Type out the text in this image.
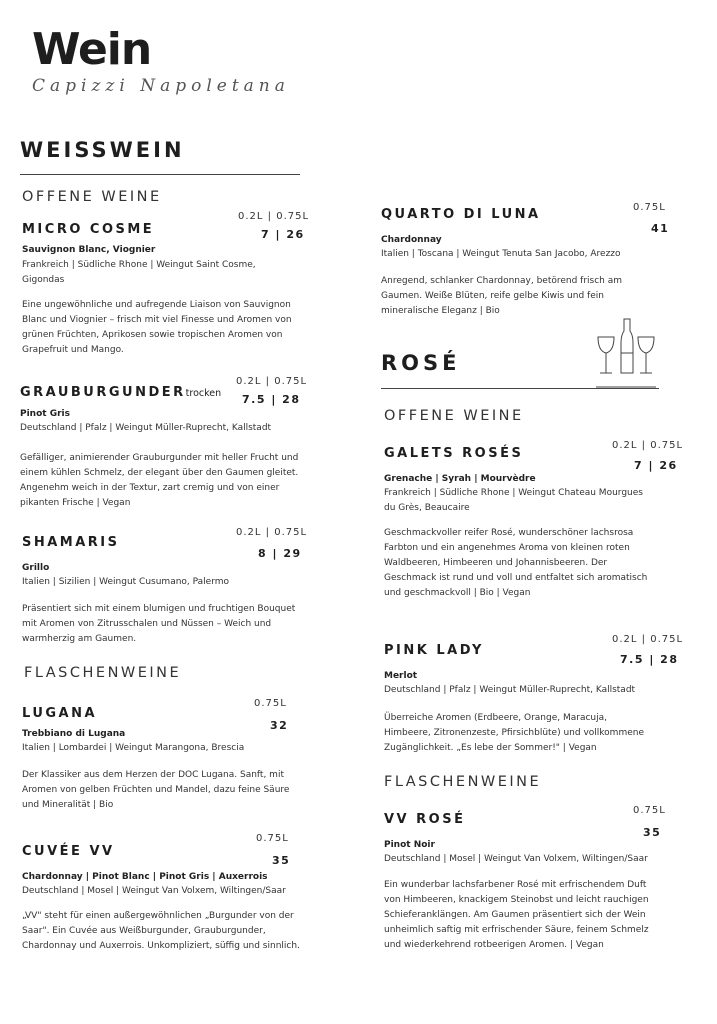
Wein
Capizzi Napoletana
WEISSWEIN
OFFENE WEINE
MICRO COSME
0.2L | 0.75L
7 | 26
Sauvignon Blanc, Viognier
Frankreich | Südliche Rhone | Weingut Saint Cosme, Gigondas
Eine ungewöhnliche und aufregende Liaison von Sauvignon Blanc und Viognier – frisch mit viel Finesse und Aromen von grünen Früchten, Aprikosen sowie tropischen Aromen von Grapefruit und Mango.
GRAUBURGUNDERtrocken
0.2L | 0.75L
7.5 | 28
Pinot Gris
Deutschland | Pfalz | Weingut Müller-Ruprecht, Kallstadt
Gefälliger, animierender Grauburgunder mit heller Frucht und einem kühlen Schmelz, der elegant über den Gaumen gleitet. Angenehm weich in der Textur, zart cremig und von einer pikanten Frische | Vegan
SHAMARIS
0.2L | 0.75L
8 | 29
Grillo
Italien | Sizilien | Weingut Cusumano, Palermo
Präsentiert sich mit einem blumigen und fruchtigen Bouquet mit Aromen von Zitrusschalen und Nüssen – Weich und warmherzig am Gaumen.
FLASCHENWEINE
LUGANA
0.75L
32
Trebbiano di Lugana
Italien | Lombardei | Weingut Marangona, Brescia
Der Klassiker aus dem Herzen der DOC Lugana. Sanft, mit Aromen von gelben Früchten und Mandel, dazu feine Säure und Mineralität | Bio
CUVÉE VV
0.75L
35
Chardonnay | Pinot Blanc | Pinot Gris | Auxerrois
Deutschland | Mosel | Weingut Van Volxem, Wiltingen/Saar
„VV" steht für einen außergewöhnlichen „Burgunder von der Saar". Ein Cuvée aus Weißburgunder, Grauburgunder, Chardonnay und Auxerrois. Unkompliziert, süffig und sinnlich.
QUARTO DI LUNA	0.75L
41
Chardonnay
Italien | Toscana | Weingut Tenuta San Jacobo, Arezzo
Anregend, schlanker Chardonnay, betörend frisch am Gaumen. Weiße Blüten, reife gelbe Kiwis und fein mineralische Eleganz | Bio
ROSÉ
OFFENE WEINE
GALETS ROSÉS
0.2L | 0.75L
7 | 26
Grenache | Syrah | Mourvèdre
Frankreich | Südliche Rhone | Weingut Chateau Mourgues du Grès, Beaucaire
Geschmackvoller reifer Rosé, wunderschöner lachsrosa Farbton und ein angenehmes Aroma von kleinen roten Waldbeeren, Himbeeren und Johannisbeeren. Der Geschmack ist rund und voll und entfaltet sich aromatisch und geschmackvoll | Bio | Vegan
PINK LADY
0.2L | 0.75L
7.5 | 28
Merlot
Deutschland | Pfalz | Weingut Müller-Ruprecht, Kallstadt
Überreiche Aromen (Erdbeere, Orange, Maracuja, Himbeere, Zitronenzeste, Pfirsichblüte) und vollkommene Zugänglichkeit. „Es lebe der Sommer!" | Vegan
FLASCHENWEINE
VV ROSÉ
0.75L
35
Pinot Noir
Deutschland | Mosel | Weingut Van Volxem, Wiltingen/Saar
Ein wunderbar lachsfarbener Rosé mit erfrischendem Duft von Himbeeren, knackigem Steinobst und leicht rauchigen Schieferanklängen. Am Gaumen präsentiert sich der Wein unheimlich saftig mit erfrischender Säure, feinem Schmelz und wiederkehrend rotbeerigen Aromen. | Vegan
